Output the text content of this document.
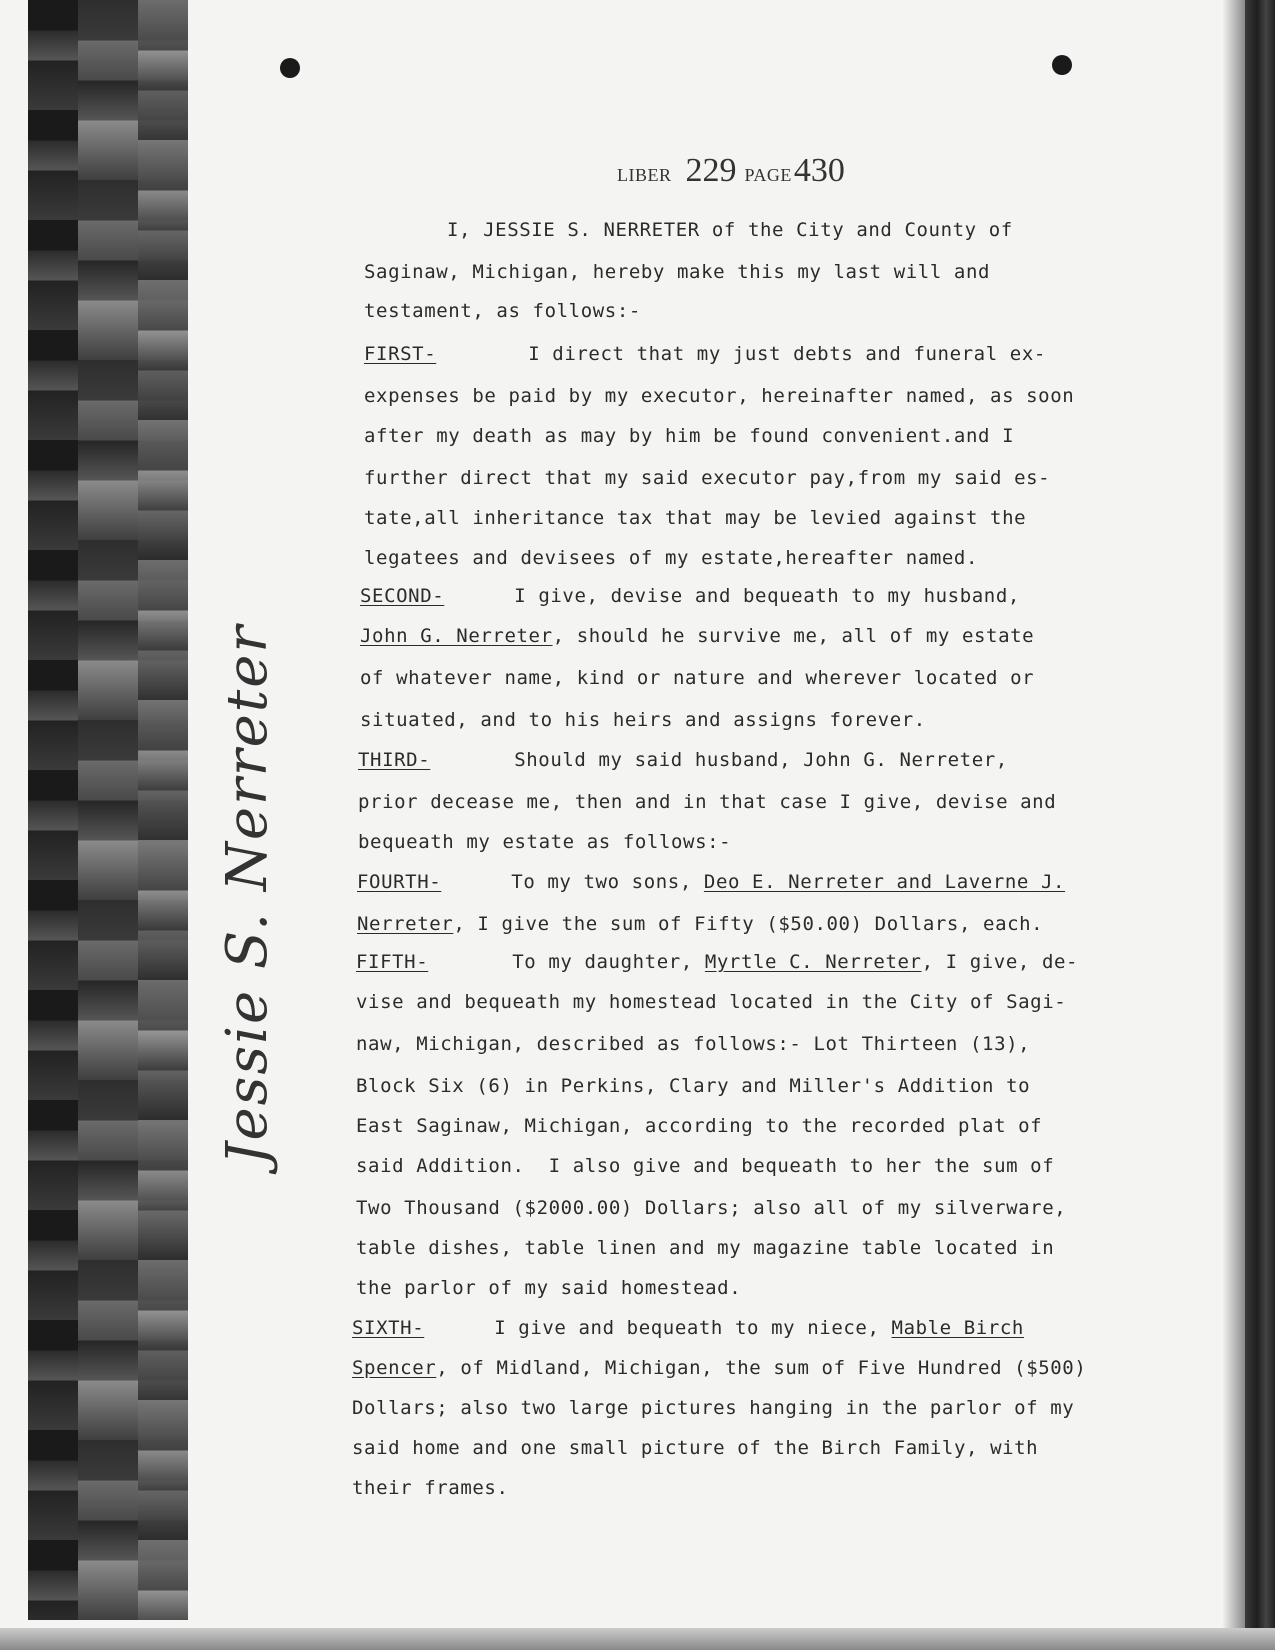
LIBER 229 PAGE 430
Jessie S. Nerreter
I, JESSIE S. NERRETER of the City and County of
Saginaw, Michigan, hereby make this my last will and
testament, as follows:-
FIRST-	I direct that my just debts and funeral ex-
expenses be paid by my executor, hereinafter named, as soon
after my death as may by him be found convenient.and I
further direct that my said executor pay,from my said es-
tate,all inheritance tax that may be levied against the
legatees and devisees of my estate,hereafter named.
SECOND-	I give, devise and bequeath to my husband,
John G. Nerreter, should he survive me, all of my estate
of whatever name, kind or nature and wherever located or
situated, and to his heirs and assigns forever.
THIRD-	Should my said husband, John G. Nerreter,
prior decease me, then and in that case I give, devise and
bequeath my estate as follows:-
FOURTH-	To my two sons, Deo E. Nerreter and Laverne J.
Nerreter, I give the sum of Fifty ($50.00) Dollars, each.
FIFTH-	To my daughter, Myrtle C. Nerreter, I give, de-
vise and bequeath my homestead located in the City of Sagi-
naw, Michigan, described as follows:- Lot Thirteen (13),
Block Six (6) in Perkins, Clary and Miller's Addition to
East Saginaw, Michigan, according to the recorded plat of
said Addition.  I also give and bequeath to her the sum of
Two Thousand ($2000.00) Dollars; also all of my silverware,
table dishes, table linen and my magazine table located in
the parlor of my said homestead.
SIXTH-	I give and bequeath to my niece, Mable Birch
Spencer, of Midland, Michigan, the sum of Five Hundred ($500)
Dollars; also two large pictures hanging in the parlor of my
said home and one small picture of the Birch Family, with
their frames.
